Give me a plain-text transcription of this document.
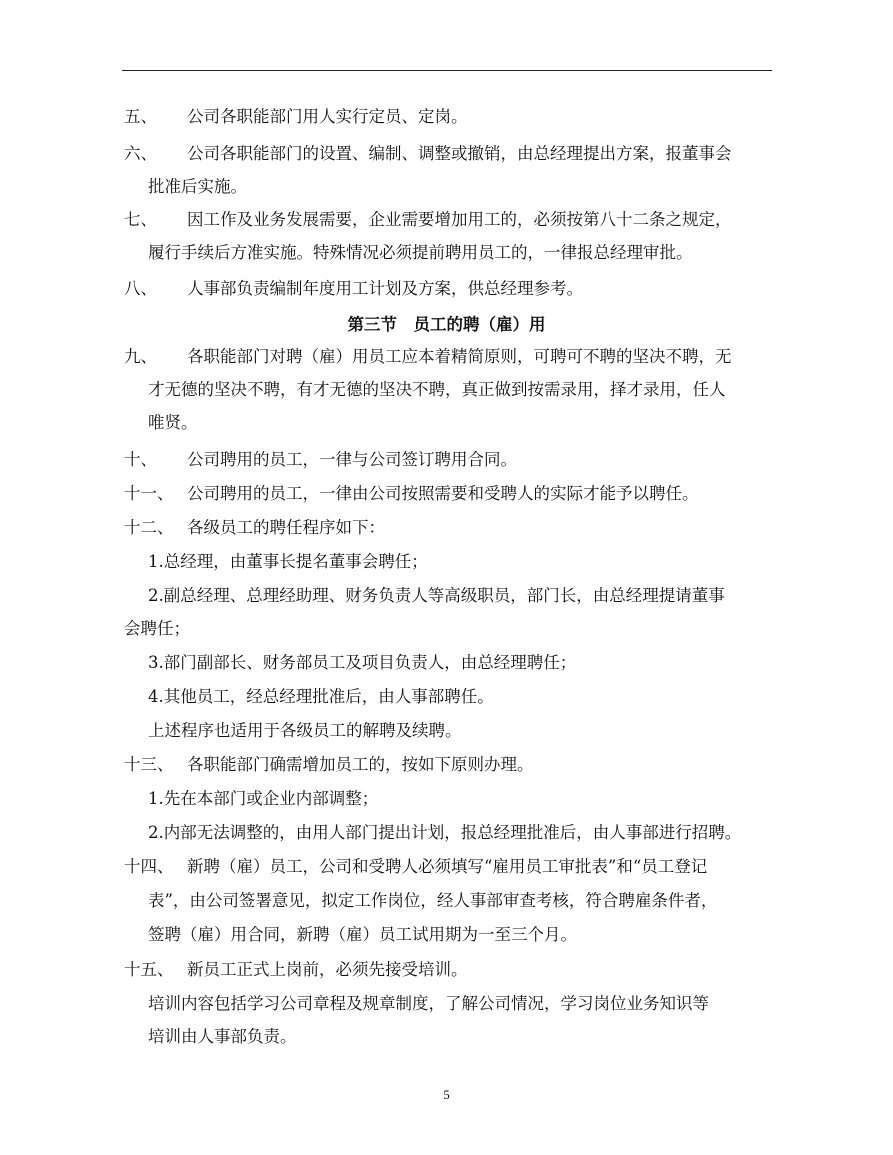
五、 公司各职能部门用人实行定员、定岗。
六、 公司各职能部门的设置、编制、调整或撤销，由总经理提出方案，报董事会
批准后实施。
七、 因工作及业务发展需要，企业需要增加用工的，必须按第八十二条之规定，
履行手续后方准实施。特殊情况必须提前聘用员工的，一律报总经理审批。
八、 人事部负责编制年度用工计划及方案，供总经理参考。
第三节　员工的聘（雇）用
九、 各职能部门对聘（雇）用员工应本着精简原则，可聘可不聘的坚决不聘，无
才无德的坚决不聘，有才无德的坚决不聘，真正做到按需录用，择才录用，任人
唯贤。
十、 公司聘用的员工，一律与公司签订聘用合同。
十一、 公司聘用的员工，一律由公司按照需要和受聘人的实际才能予以聘任。
十二、 各级员工的聘任程序如下：
1.总经理，由董事长提名董事会聘任；
2.副总经理、总理经助理、财务负责人等高级职员，部门长，由总经理提请董事
会聘任；
3.部门副部长、财务部员工及项目负责人，由总经理聘任；
4.其他员工，经总经理批准后，由人事部聘任。
上述程序也适用于各级员工的解聘及续聘。
十三、 各职能部门确需增加员工的，按如下原则办理。
1.先在本部门或企业内部调整；
2.内部无法调整的，由用人部门提出计划，报总经理批准后，由人事部进行招聘。
十四、 新聘（雇）员工，公司和受聘人必须填写“雇用员工审批表”和“员工登记
表”，由公司签署意见，拟定工作岗位，经人事部审查考核，符合聘雇条件者，
签聘（雇）用合同，新聘（雇）员工试用期为一至三个月。
十五、 新员工正式上岗前，必须先接受培训。
培训内容包括学习公司章程及规章制度，了解公司情况，学习岗位业务知识等
培训由人事部负责。
5
